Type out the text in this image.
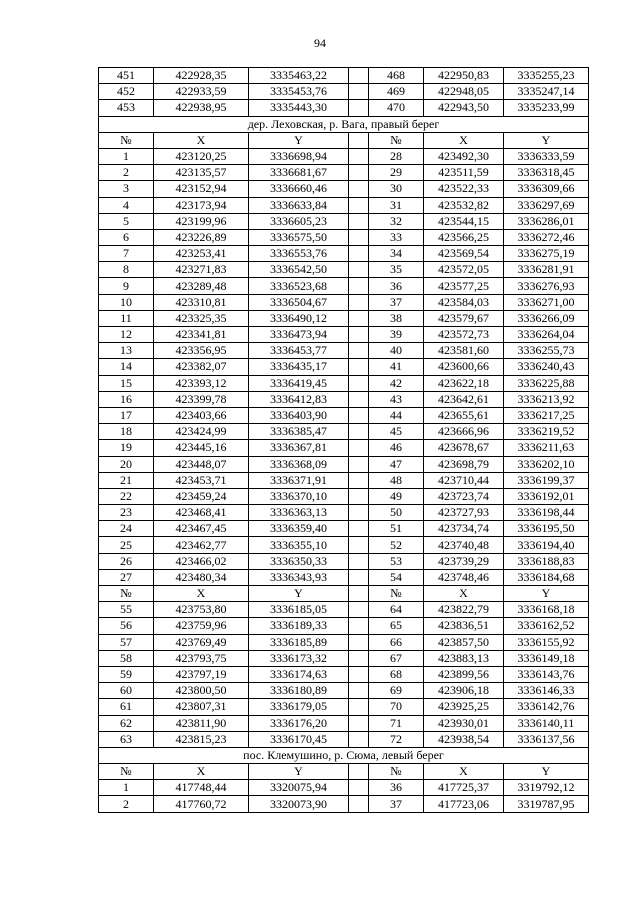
94
451	422928,35	3335463,22		468	422950,83	3335255,23
452	422933,59	3335453,76		469	422948,05	3335247,14
453	422938,95	3335443,30		470	422943,50	3335233,99
дер. Леховская, р. Вага, правый берег						
№	X	Y		№	X	Y
1	423120,25	3336698,94		28	423492,30	3336333,59
2	423135,57	3336681,67		29	423511,59	3336318,45
3	423152,94	3336660,46		30	423522,33	3336309,66
4	423173,94	3336633,84		31	423532,82	3336297,69
5	423199,96	3336605,23		32	423544,15	3336286,01
6	423226,89	3336575,50		33	423566,25	3336272,46
7	423253,41	3336553,76		34	423569,54	3336275,19
8	423271,83	3336542,50		35	423572,05	3336281,91
9	423289,48	3336523,68		36	423577,25	3336276,93
10	423310,81	3336504,67		37	423584,03	3336271,00
11	423325,35	3336490,12		38	423579,67	3336266,09
12	423341,81	3336473,94		39	423572,73	3336264,04
13	423356,95	3336453,77		40	423581,60	3336255,73
14	423382,07	3336435,17		41	423600,66	3336240,43
15	423393,12	3336419,45		42	423622,18	3336225,88
16	423399,78	3336412,83		43	423642,61	3336213,92
17	423403,66	3336403,90		44	423655,61	3336217,25
18	423424,99	3336385,47		45	423666,96	3336219,52
19	423445,16	3336367,81		46	423678,67	3336211,63
20	423448,07	3336368,09		47	423698,79	3336202,10
21	423453,71	3336371,91		48	423710,44	3336199,37
22	423459,24	3336370,10		49	423723,74	3336192,01
23	423468,41	3336363,13		50	423727,93	3336198,44
24	423467,45	3336359,40		51	423734,74	3336195,50
25	423462,77	3336355,10		52	423740,48	3336194,40
26	423466,02	3336350,33		53	423739,29	3336188,83
27	423480,34	3336343,93		54	423748,46	3336184,68
№	X	Y		№	X	Y
55	423753,80	3336185,05		64	423822,79	3336168,18
56	423759,96	3336189,33		65	423836,51	3336162,52
57	423769,49	3336185,89		66	423857,50	3336155,92
58	423793,75	3336173,32		67	423883,13	3336149,18
59	423797,19	3336174,63		68	423899,56	3336143,76
60	423800,50	3336180,89		69	423906,18	3336146,33
61	423807,31	3336179,05		70	423925,25	3336142,76
62	423811,90	3336176,20		71	423930,01	3336140,11
63	423815,23	3336170,45		72	423938,54	3336137,56
пос. Клемушино, р. Сюма, левый берег						
№	X	Y		№	X	Y
1	417748,44	3320075,94		36	417725,37	3319792,12
2	417760,72	3320073,90		37	417723,06	3319787,95
